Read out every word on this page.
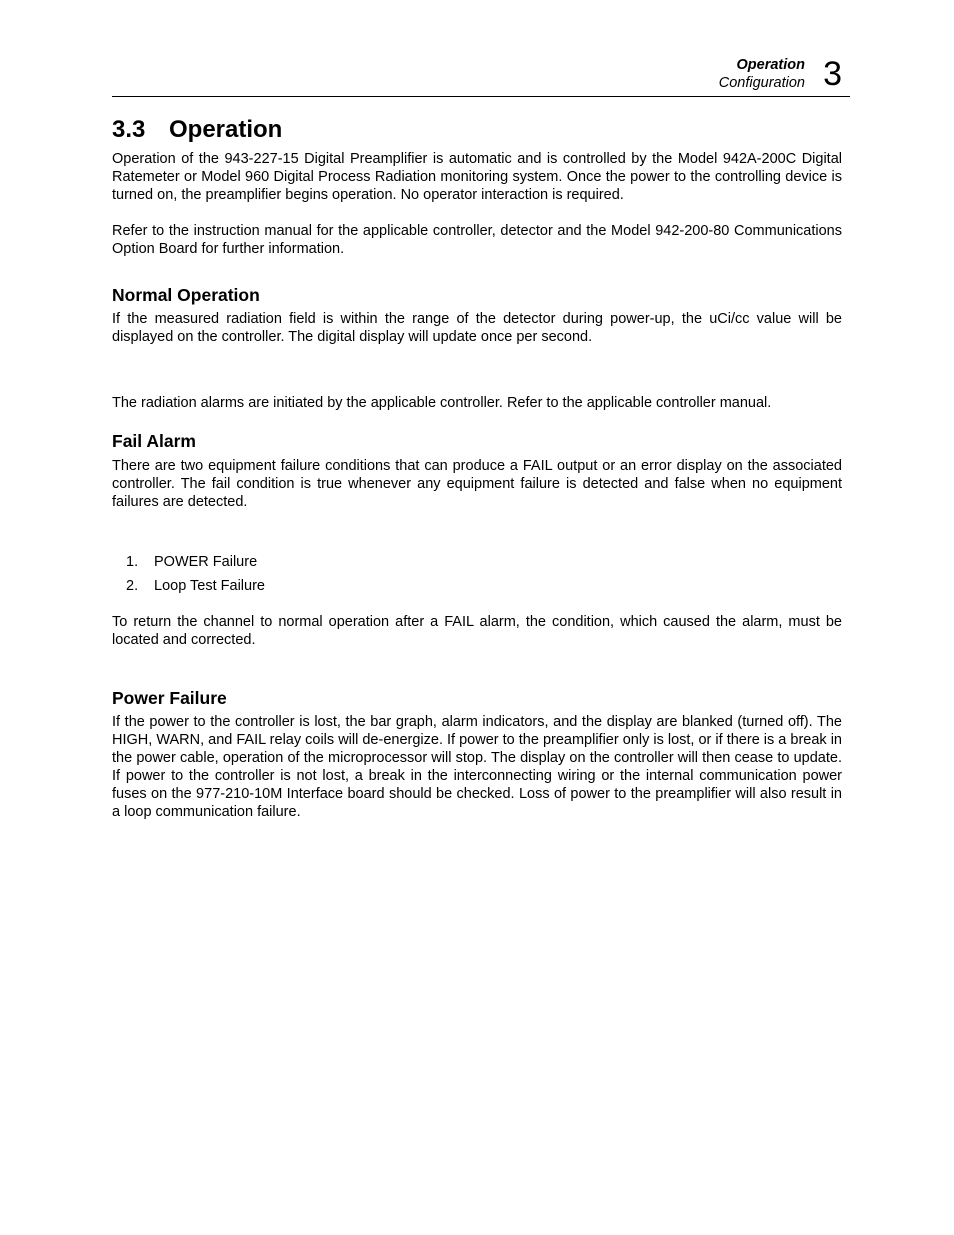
Operation
Configuration 3
3.3 Operation

Operation of the 943-227-15 Digital Preamplifier is automatic and is controlled by the Model 942A-200C Digital Ratemeter or Model 960 Digital Process Radiation monitoring system. Once the power to the controlling device is turned on, the preamplifier begins operation. No operator interaction is required.

Refer to the instruction manual for the applicable controller, detector and the Model 942-200-80 Communications Option Board for further information.

Normal Operation

If the measured radiation field is within the range of the detector during power-up, the uCi/cc value will be displayed on the controller. The digital display will update once per second.

The radiation alarms are initiated by the applicable controller. Refer to the applicable controller manual.

Fail Alarm

There are two equipment failure conditions that can produce a FAIL output or an error display on the associated controller. The fail condition is true whenever any equipment failure is detected and false when no equipment failures are detected.

1. POWER Failure
2. Loop Test Failure

To return the channel to normal operation after a FAIL alarm, the condition, which caused the alarm, must be located and corrected.

Power Failure

If the power to the controller is lost, the bar graph, alarm indicators, and the display are blanked (turned off). The HIGH, WARN, and FAIL relay coils will de-energize. If power to the preamplifier only is lost, or if there is a break in the power cable, operation of the microprocessor will stop. The display on the controller will then cease to update. If power to the controller is not lost, a break in the interconnecting wiring or the internal communication power fuses on the 977-210-10M Interface board should be checked. Loss of power to the preamplifier will also result in a loop communication failure.
